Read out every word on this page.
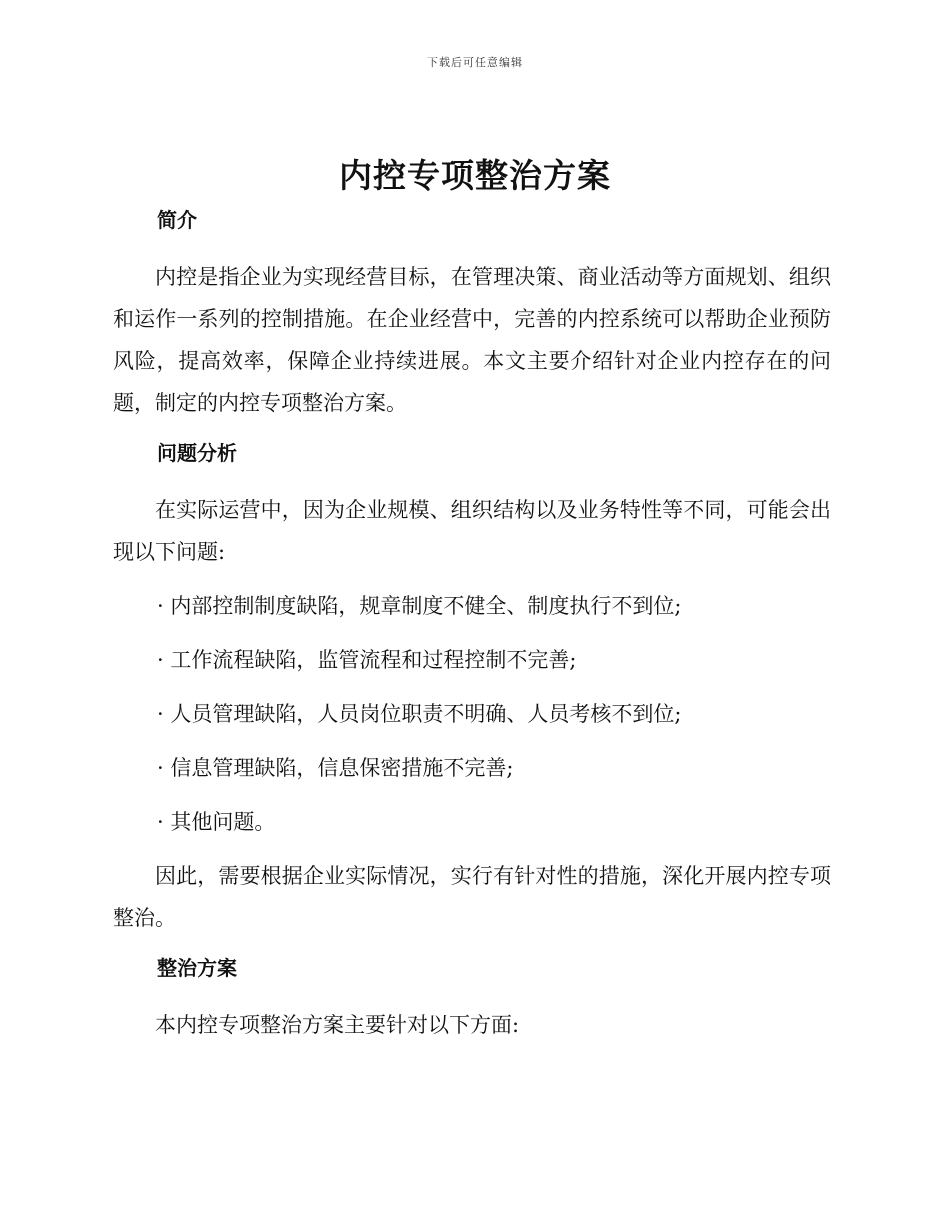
下载后可任意编辑
内控专项整治方案
简介

内控是指企业为实现经营目标，在管理决策、商业活动等方面规划、组织和运作一系列的控制措施。在企业经营中，完善的内控系统可以帮助企业预防风险，提高效率，保障企业持续进展。本文主要介绍针对企业内控存在的问题，制定的内控专项整治方案。

问题分析

在实际运营中，因为企业规模、组织结构以及业务特性等不同，可能会出现以下问题:

· 内部控制制度缺陷，规章制度不健全、制度执行不到位;
· 工作流程缺陷，监管流程和过程控制不完善;
· 人员管理缺陷，人员岗位职责不明确、人员考核不到位;
· 信息管理缺陷，信息保密措施不完善;
· 其他问题。

因此，需要根据企业实际情况，实行有针对性的措施，深化开展内控专项整治。

整治方案

本内控专项整治方案主要针对以下方面:
